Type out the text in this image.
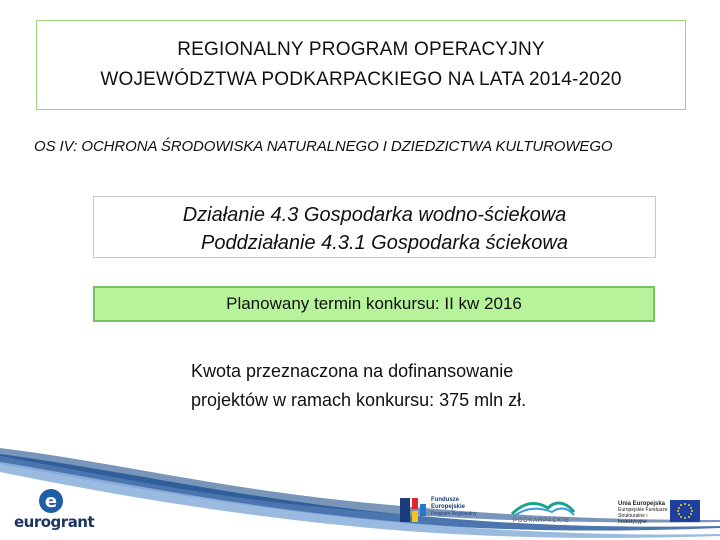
REGIONALNY PROGRAM OPERACYJNY
WOJEWÓDZTWA PODKARPACKIEGO NA LATA 2014-2020
OS IV: OCHRONA ŚRODOWISKA NATURALNEGO I DZIEDZICTWA KULTUROWEGO
Działanie 4.3 Gospodarka wodno-ściekowa
Poddziałanie 4.3.1 Gospodarka ściekowa
Planowany termin konkursu: II kw 2016
Kwota przeznaczona na dofinansowanie
projektów w ramach konkursu: 375 mln zł.
e
eurogrant
Fundusze
Europejskie
Program Regionalny
PODKARPACKIE
Unia Europejska
Europejskie Fundusze
Strukturalne i Inwestycyjne
